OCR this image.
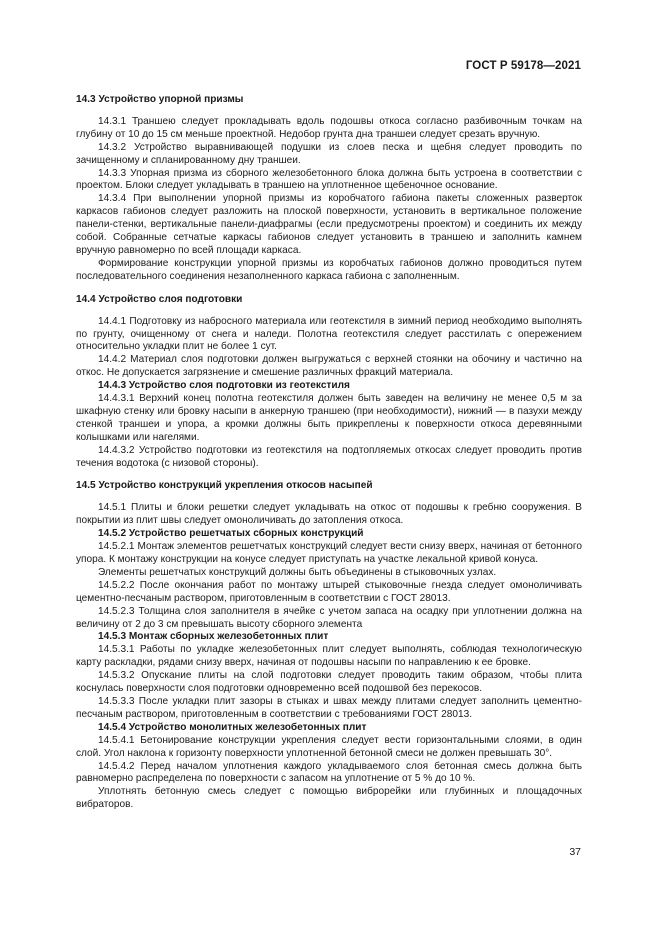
ГОСТ Р 59178—2021
14.3 Устройство упорной призмы
14.3.1 Траншею следует прокладывать вдоль подошвы откоса согласно разбивочным точкам на глубину от 10 до 15 см меньше проектной. Недобор грунта дна траншеи следует срезать вручную.
14.3.2 Устройство выравнивающей подушки из слоев песка и щебня следует проводить по зачищенному и спланированному дну траншеи.
14.3.3 Упорная призма из сборного железобетонного блока должна быть устроена в соответствии с проектом. Блоки следует укладывать в траншею на уплотненное щебеночное основание.
14.3.4 При выполнении упорной призмы из коробчатого габиона пакеты сложенных разверток каркасов габионов следует разложить на плоской поверхности, установить в вертикальное положение панели-стенки, вертикальные панели-диафрагмы (если предусмотрены проектом) и соединить их между собой. Собранные сетчатые каркасы габионов следует установить в траншею и заполнить камнем вручную равномерно по всей площади каркаса.
Формирование конструкции упорной призмы из коробчатых габионов должно проводиться путем последовательного соединения незаполненного каркаса габиона с заполненным.
14.4 Устройство слоя подготовки
14.4.1 Подготовку из набросного материала или геотекстиля в зимний период необходимо выполнять по грунту, очищенному от снега и наледи. Полотна геотекстиля следует расстилать с опережением относительно укладки плит не более 1 сут.
14.4.2 Материал слоя подготовки должен выгружаться с верхней стоянки на обочину и частично на откос. Не допускается загрязнение и смешение различных фракций материала.
14.4.3 Устройство слоя подготовки из геотекстиля
14.4.3.1 Верхний конец полотна геотекстиля должен быть заведен на величину не менее 0,5 м за шкафную стенку или бровку насыпи в анкерную траншею (при необходимости), нижний — в пазухи между стенкой траншеи и упора, а кромки должны быть прикреплены к поверхности откоса деревянными колышками или нагелями.
14.4.3.2 Устройство подготовки из геотекстиля на подтопляемых откосах следует проводить против течения водотока (с низовой стороны).
14.5 Устройство конструкций укрепления откосов насыпей
14.5.1 Плиты и блоки решетки следует укладывать на откос от подошвы к гребню сооружения. В покрытии из плит швы следует омоноличивать до затопления откоса.
14.5.2 Устройство решетчатых сборных конструкций
14.5.2.1 Монтаж элементов решетчатых конструкций следует вести снизу вверх, начиная от бетонного упора. К монтажу конструкции на конусе следует приступать на участке лекальной кривой конуса.
Элементы решетчатых конструкций должны быть объединены в стыковочных узлах.
14.5.2.2 После окончания работ по монтажу штырей стыковочные гнезда следует омоноличивать цементно-песчаным раствором, приготовленным в соответствии с ГОСТ 28013.
14.5.2.3 Толщина слоя заполнителя в ячейке с учетом запаса на осадку при уплотнении должна на величину от 2 до 3 см превышать высоту сборного элемента
14.5.3 Монтаж сборных железобетонных плит
14.5.3.1 Работы по укладке железобетонных плит следует выполнять, соблюдая технологическую карту раскладки, рядами снизу вверх, начиная от подошвы насыпи по направлению к ее бровке.
14.5.3.2 Опускание плиты на слой подготовки следует проводить таким образом, чтобы плита коснулась поверхности слоя подготовки одновременно всей подошвой без перекосов.
14.5.3.3 После укладки плит зазоры в стыках и швах между плитами следует заполнить цементно-песчаным раствором, приготовленным в соответствии с требованиями ГОСТ 28013.
14.5.4 Устройство монолитных железобетонных плит
14.5.4.1 Бетонирование конструкции укрепления следует вести горизонтальными слоями, в один слой. Угол наклона к горизонту поверхности уплотненной бетонной смеси не должен превышать 30°.
14.5.4.2 Перед началом уплотнения каждого укладываемого слоя бетонная смесь должна быть равномерно распределена по поверхности с запасом на уплотнение от 5 % до 10 %.
Уплотнять бетонную смесь следует с помощью виброрейки или глубинных и площадочных вибраторов.
37
